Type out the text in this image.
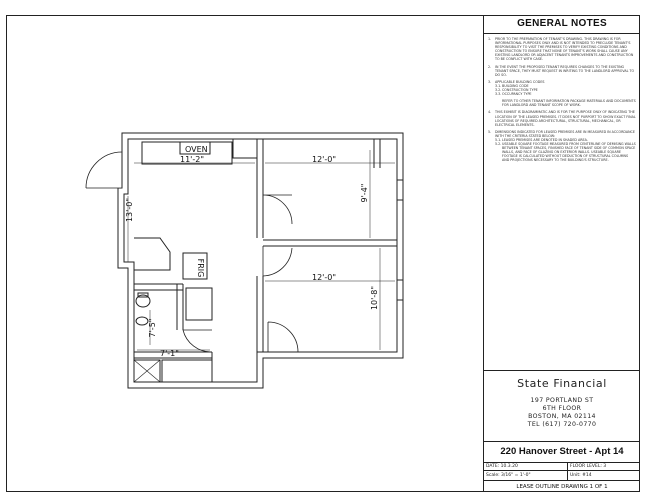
OVEN
FRIG
11'-2"	12'-0"
12'-0"
9'-4"
10'-8"
13'-0"
7'-5"
7'-1"
GENERAL NOTES
1.	PRIOR TO THE PREPARATION OF TENANT'S DRAWING. THIS DRAWING IS FOR INFORMATIONAL PURPOSES ONLY AND IS NOT INTENDED TO PRECLUDE TENANT'S RESPONSIBILITY TO VISIT THE PREMISES TO VERIFY EXISTING CONDITIONS AND CONSTRUCTION TO ENSURE THAT NONE OF TENANT'S WORK SHALL CAUSE ANY EXISTING LANDLORD OR ADJACENT TENANTS IMPROVEMENTS AND CONSTRUCTION TO BE CONFLICT WITH CASE.
2.	IN THE EVENT THE PROPOSED TENANT REQUIRES CHANGES TO THE EXISTING TENANT SPACE, THEY MUST REQUEST IN WRITING TO THE LANDLORD APPROVAL TO DO SO.
3.	APPLICABLE BUILDING CODES
3.1. BUILDING CODE
3.2. CONSTRUCTION TYPE
3.3. OCCUPANCY TYPE
REFER TO OTHER TENANT INFORMATION PACKAGE MATERIALS AND DOCUMENTS FOR LANDLORD AND TENANT SCOPE OF WORK.
4.	THIS EXHIBIT IS DIAGRAMMATIC AND IS FOR THE PURPOSE ONLY OF INDICATING THE LOCATION OF THE LEASED PREMISES. IT DOES NOT PURPORT TO SHOW EXACT FINAL LOCATIONS OF REQUIRED ARCHITECTURAL, STRUCTURAL, MECHANICAL, OR ELECTRICAL ELEMENTS.
5.	DIMENSIONS INDICATED FOR LEASED PREMISES ARE IN MEASURED IN ACCORDANCE WITH THE CRITERIA STATED BELOW:
5.1. LEASED PREMISES ARE DENOTED IN SHADED AREA.
5.2. USEABLE SQUARE FOOTAGE MEASURED FROM CENTERLINE OF DEMISING WALLS BETWEEN TENANT SPACES, FINISHED FACE OF TENANT SIDE OF COMMON SPACE WALLS, AND FACE OF GLAZING ON EXTERIOR WALLS. USEABLE SQUARE FOOTAGE IS CALCULATED WITHOUT DEDUCTION OF STRUCTURAL COLUMNS AND PROJECTIONS NECESSARY TO THE BUILDING'S STRUCTURE.
State Financial
197 PORTLAND ST
6TH FLOOR
BOSTON, MA 02114
TEL (617) 720-0770
220 Hanover Street - Apt 14
DATE: 10.3.20	FLOOR LEVEL: 3
Scale: 3/16" = 1'-0"	Unit: #14
LEASE OUTLINE DRAWING 1 OF 1
